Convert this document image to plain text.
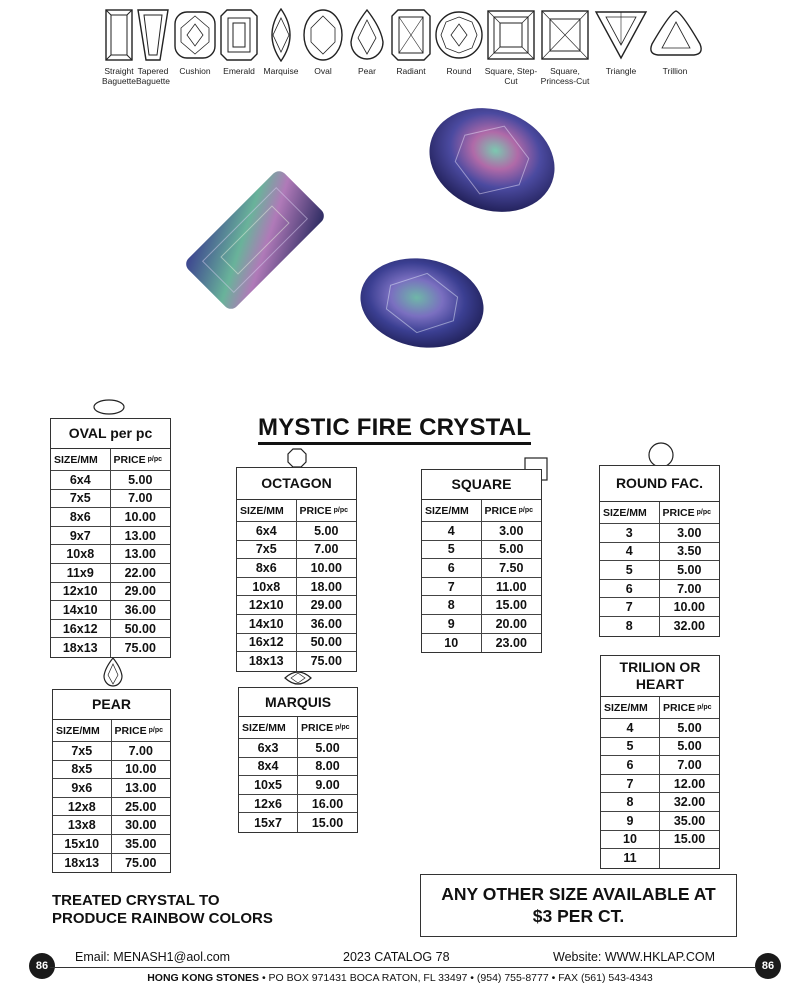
Straight Baguette
Tapered Baguette
Cushion	Emerald	Marquise	Oval	Pear	Radiant	Round	Square, Step-Cut
Square, Princess-Cut
Triangle	Trillion
MYSTIC FIRE CRYSTAL
OVAL per pc
SIZE/MM	PRICE p/pc
6x4	5.00
7x5	7.00
8x6	10.00
9x7	13.00
10x8	13.00
11x9	22.00
12x10	29.00
14x10	36.00
16x12	50.00
18x13	75.00
OCTAGON
SIZE/MM	PRICE p/pc
6x4	5.00
7x5	7.00
8x6	10.00
10x8	18.00
12x10	29.00
14x10	36.00
16x12	50.00
18x13	75.00
SQUARE
SIZE/MM	PRICE p/pc
4	3.00
5	5.00
6	7.50
7	11.00
8	15.00
9	20.00
10	23.00
ROUND FAC.
SIZE/MM	PRICE p/pc
3	3.00
4	3.50
5	5.00
6	7.00
7	10.00
8	32.00
PEAR
SIZE/MM	PRICE p/pc
7x5	7.00
8x5	10.00
9x6	13.00
12x8	25.00
13x8	30.00
15x10	35.00
18x13	75.00
MARQUIS
SIZE/MM	PRICE p/pc
6x3	5.00
8x4	8.00
10x5	9.00
12x6	16.00
15x7	15.00
TRILION OR HEART
SIZE/MM	PRICE p/pc
4	5.00
5	5.00
6	7.00
7	12.00
8	32.00
9	35.00
10	15.00
11
TREATED CRYSTAL TO
PRODUCE RAINBOW COLORS
ANY OTHER SIZE AVAILABLE AT
$3 PER CT.
86	86
Email: MENASH1@aol.com	2023 CATALOG 78	Website: WWW.HKLAP.COM
HONG KONG STONES • PO BOX 971431 BOCA RATON, FL 33497 • (954) 755-8777 • FAX (561) 543-4343
